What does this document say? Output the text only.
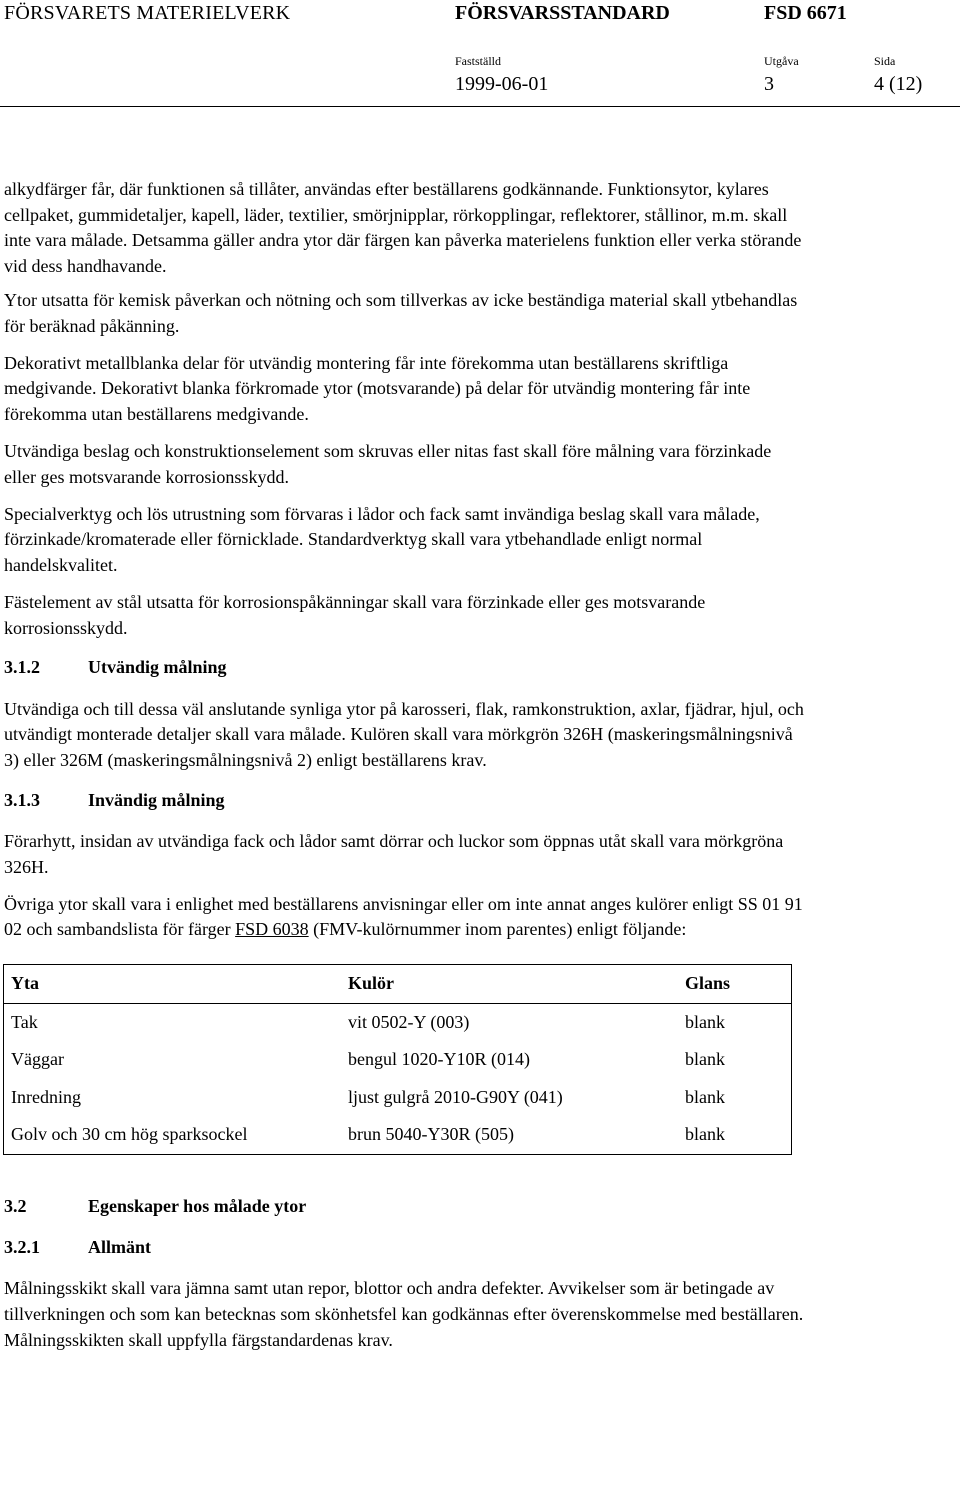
FÖRSVARETS MATERIELVERK	FÖRSVARSSTANDARD	FSD 6671
Fastställd	Utgåva	Sida
1999-06-01	3	4 (12)

alkydfärger får, där funktionen så tillåter, användas efter beställarens godkännande. Funktionsytor, kylares cellpaket, gummidetaljer, kapell, läder, textilier, smörjnipplar, rörkopplingar, reflektorer, stållinor, m.m. skall inte vara målade. Detsamma gäller andra ytor där färgen kan påverka materielens funktion eller verka störande vid dess handhavande.

Ytor utsatta för kemisk påverkan och nötning och som tillverkas av icke beständiga material skall ytbehandlas för beräknad påkänning.

Dekorativt metallblanka delar för utvändig montering får inte förekomma utan beställarens skriftliga medgivande. Dekorativt blanka förkromade ytor (motsvarande) på delar för utvändig montering får inte förekomma utan beställarens medgivande.

Utvändiga beslag och konstruktionselement som skruvas eller nitas fast skall före målning vara förzinkade eller ges motsvarande korrosionsskydd.

Specialverktyg och lös utrustning som förvaras i lådor och fack samt invändiga beslag skall vara målade, förzinkade/kromaterade eller förnicklade. Standardverktyg skall vara ytbehandlade enligt normal handelskvalitet.

Fästelement av stål utsatta för korrosionspåkänningar skall vara förzinkade eller ges motsvarande korrosionsskydd.

3.1.2	Utvändig målning

Utvändiga och till dessa väl anslutande synliga ytor på karosseri, flak, ramkonstruktion, axlar, fjädrar, hjul, och utvändigt monterade detaljer skall vara målade. Kulören skall vara mörkgrön 326H (maskeringsmålningsnivå 3) eller 326M (maskeringsmålningsnivå 2) enligt beställarens krav.

3.1.3	Invändig målning

Förarhytt, insidan av utvändiga fack och lådor samt dörrar och luckor som öppnas utåt skall vara mörkgröna 326H.

Övriga ytor skall vara i enlighet med beställarens anvisningar eller om inte annat anges kulörer enligt SS 01 91 02 och sambandslista för färger FSD 6038 (FMV-kulörnummer inom parentes) enligt följande:

Yta	Kulör	Glans
Tak	vit 0502-Y (003)	blank
Väggar	bengul 1020-Y10R (014)	blank
Inredning	ljust gulgrå 2010-G90Y (041)	blank
Golv och 30 cm hög sparksockel	brun 5040-Y30R (505)	blank
3.2	Egenskaper hos målade ytor
3.2.1	Allmänt

Målningsskikt skall vara jämna samt utan repor, blottor och andra defekter. Avvikelser som är betingade av tillverkningen och som kan betecknas som skönhetsfel kan godkännas efter överenskommelse med beställaren. Målningsskikten skall uppfylla färgstandardenas krav.
